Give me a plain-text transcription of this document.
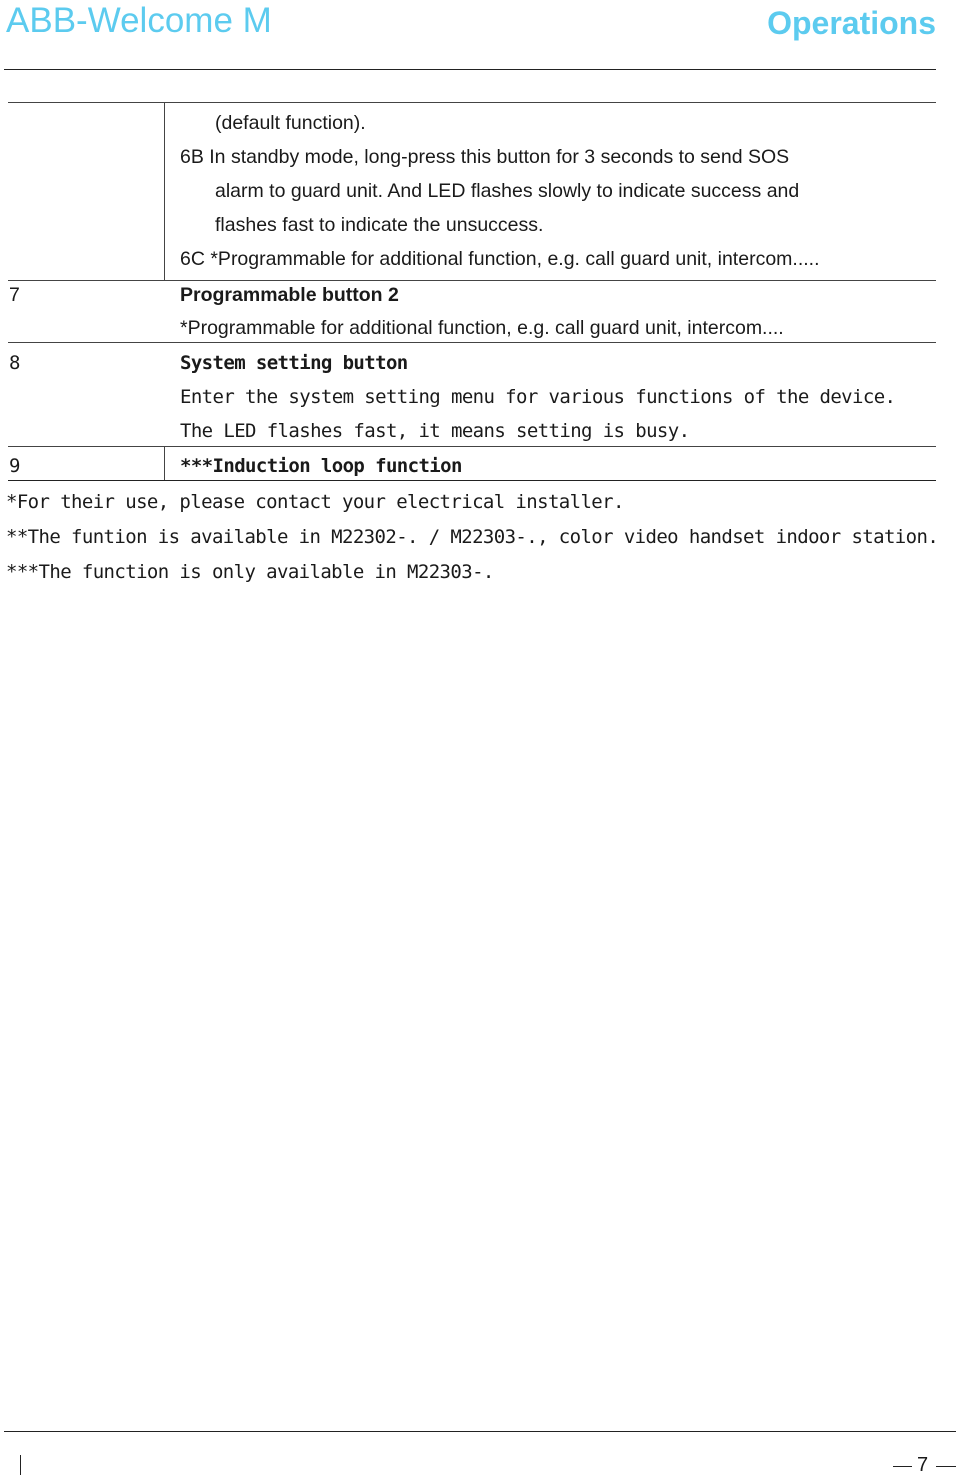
ABB-Welcome M	Operations
(default function).
6B In standby mode, long-press this button for 3 seconds to send SOS
alarm to guard unit. And LED flashes slowly to indicate success and
flashes fast to indicate the unsuccess.
6C *Programmable for additional function, e.g. call guard unit, intercom.....
7	Programmable button 2
*Programmable for additional function, e.g. call guard unit, intercom....
8	System setting button
Enter the system setting menu for various functions of the device.
The LED flashes fast, it means setting is busy.
9	***Induction loop function
*For their use, please contact your electrical installer.
**The funtion is available in M22302-. / M22303-., color video handset indoor station.
***The function is only available in M22303-.
7
